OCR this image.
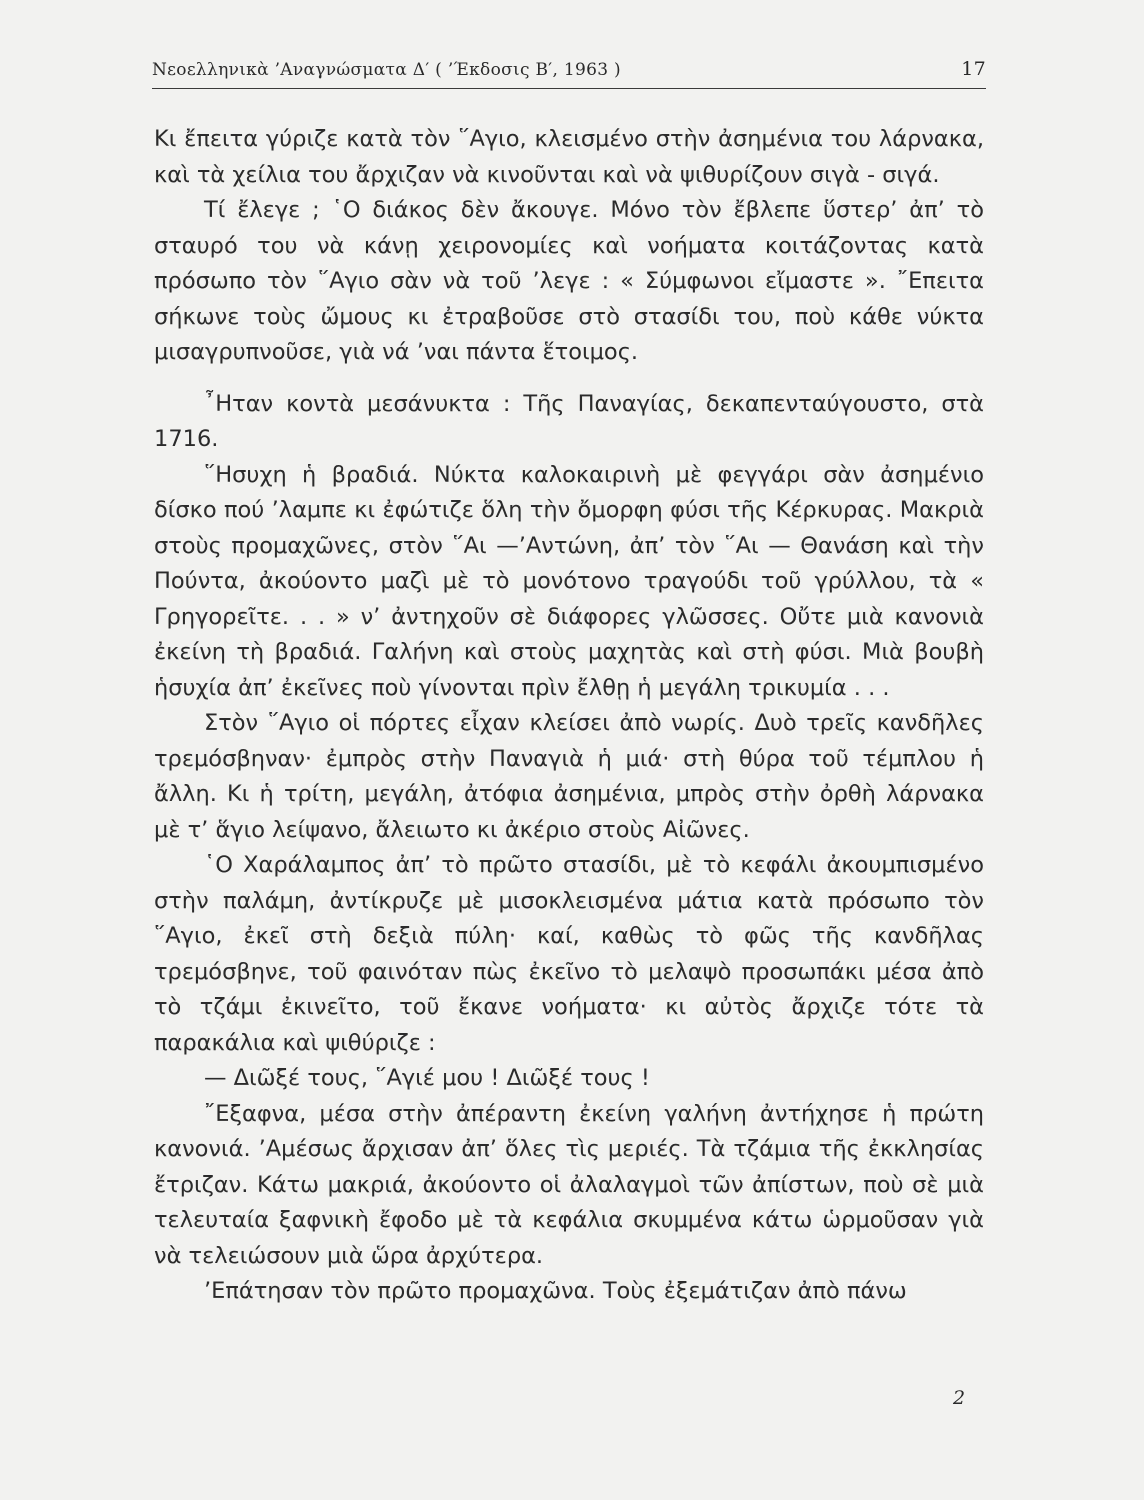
Νεοελληνικὰ ’Αναγνώσματα Δ′ ( ’Έκδοσις Β′, 1963 )	17

Κι ἔπειτα γύριζε κατὰ τὸν ῞Αγιο, κλεισμένο στὴν ἀσημένια του λάρνακα, καὶ τὰ χείλια του ἄρχιζαν νὰ κινοῦνται καὶ νὰ ψιθυρίζουν σιγὰ - σιγά.

Τί ἔλεγε ; ῾Ο διάκος δὲν ἄκουγε. Μόνο τὸν ἔβλεπε ὕστερ’ ἀπ’ τὸ σταυρό του νὰ κάνῃ χειρονομίες καὶ νοήματα κοιτάζοντας κατὰ πρόσωπο τὸν ῞Αγιο σὰν νὰ τοῦ ’λεγε : « Σύμφωνοι εἴμαστε ». ῎Επειτα σήκωνε τοὺς ὤμους κι ἐτραβοῦσε στὸ στασίδι του, ποὺ κάθε νύκτα μισαγρυπνοῦσε, γιὰ νά ’ναι πάντα ἕτοιμος.

῏Ηταν κοντὰ μεσάνυκτα : Τῆς Παναγίας, δεκαπενταύγουστο, στὰ 1716.

῞Ησυχη ἡ βραδιά. Νύκτα καλοκαιρινὴ μὲ φεγγάρι σὰν ἀσημένιο δίσκο πού ’λαμπε κι ἐφώτιζε ὅλη τὴν ὄμορφη φύσι τῆς Κέρκυρας. Μακριὰ στοὺς προμαχῶνες, στὸν ῞Αι —’Αντώνη, ἀπ’ τὸν ῞Αι — Θανάση καὶ τὴν Πούντα, ἀκούοντο μαζὶ μὲ τὸ μονότονο τραγούδι τοῦ γρύλλου, τὰ « Γρηγορεῖτε. . . » ν’ ἀντηχοῦν σὲ διάφορες γλῶσσες. Οὔτε μιὰ κανονιὰ ἐκείνη τὴ βραδιά. Γαλήνη καὶ στοὺς μαχητὰς καὶ στὴ φύσι. Μιὰ βουβὴ ἡσυχία ἀπ’ ἐκεῖνες ποὺ γίνονται πρὶν ἔλθῃ ἡ μεγάλη τρικυμία . . .

Στὸν ῞Αγιο οἱ πόρτες εἶχαν κλείσει ἀπὸ νωρίς. Δυὸ τρεῖς κανδῆλες τρεμόσβηναν· ἐμπρὸς στὴν Παναγιὰ ἡ μιά· στὴ θύρα τοῦ τέμπλου ἡ ἄλλη. Κι ἡ τρίτη, μεγάλη, ἀτόφια ἀσημένια, μπρὸς στὴν ὀρθὴ λάρνακα μὲ τ’ ἅγιο λείψανο, ἄλειωτο κι ἀκέριο στοὺς Αἰῶνες.

῾Ο Χαράλαμπος ἀπ’ τὸ πρῶτο στασίδι, μὲ τὸ κεφάλι ἀκουμπισμένο στὴν παλάμη, ἀντίκρυζε μὲ μισοκλεισμένα μάτια κατὰ πρόσωπο τὸν ῞Αγιο, ἐκεῖ στὴ δεξιὰ πύλη· καί, καθὼς τὸ φῶς τῆς κανδῆλας τρεμόσβηνε, τοῦ φαινόταν πὼς ἐκεῖνο τὸ μελαψὸ προσωπάκι μέσα ἀπὸ τὸ τζάμι ἐκινεῖτο, τοῦ ἔκανε νοήματα· κι αὐτὸς ἄρχιζε τότε τὰ παρακάλια καὶ ψιθύριζε :

— Διῶξέ τους, ῞Αγιέ μου ! Διῶξέ τους !

῎Εξαφνα, μέσα στὴν ἀπέραντη ἐκείνη γαλήνη ἀντήχησε ἡ πρώτη κανονιά. ’Αμέσως ἄρχισαν ἀπ’ ὅλες τὶς μεριές. Τὰ τζάμια τῆς ἐκκλησίας ἔτριζαν. Κάτω μακριά, ἀκούοντο οἱ ἀλαλαγμοὶ τῶν ἀπίστων, ποὺ σὲ μιὰ τελευταία ξαφνικὴ ἔφοδο μὲ τὰ κεφάλια σκυμμένα κάτω ὡρμοῦσαν γιὰ νὰ τελειώσουν μιὰ ὥρα ἀρχύτερα.

’Επάτησαν τὸν πρῶτο προμαχῶνα. Τοὺς ἐξεμάτιζαν ἀπὸ πάνω

2
